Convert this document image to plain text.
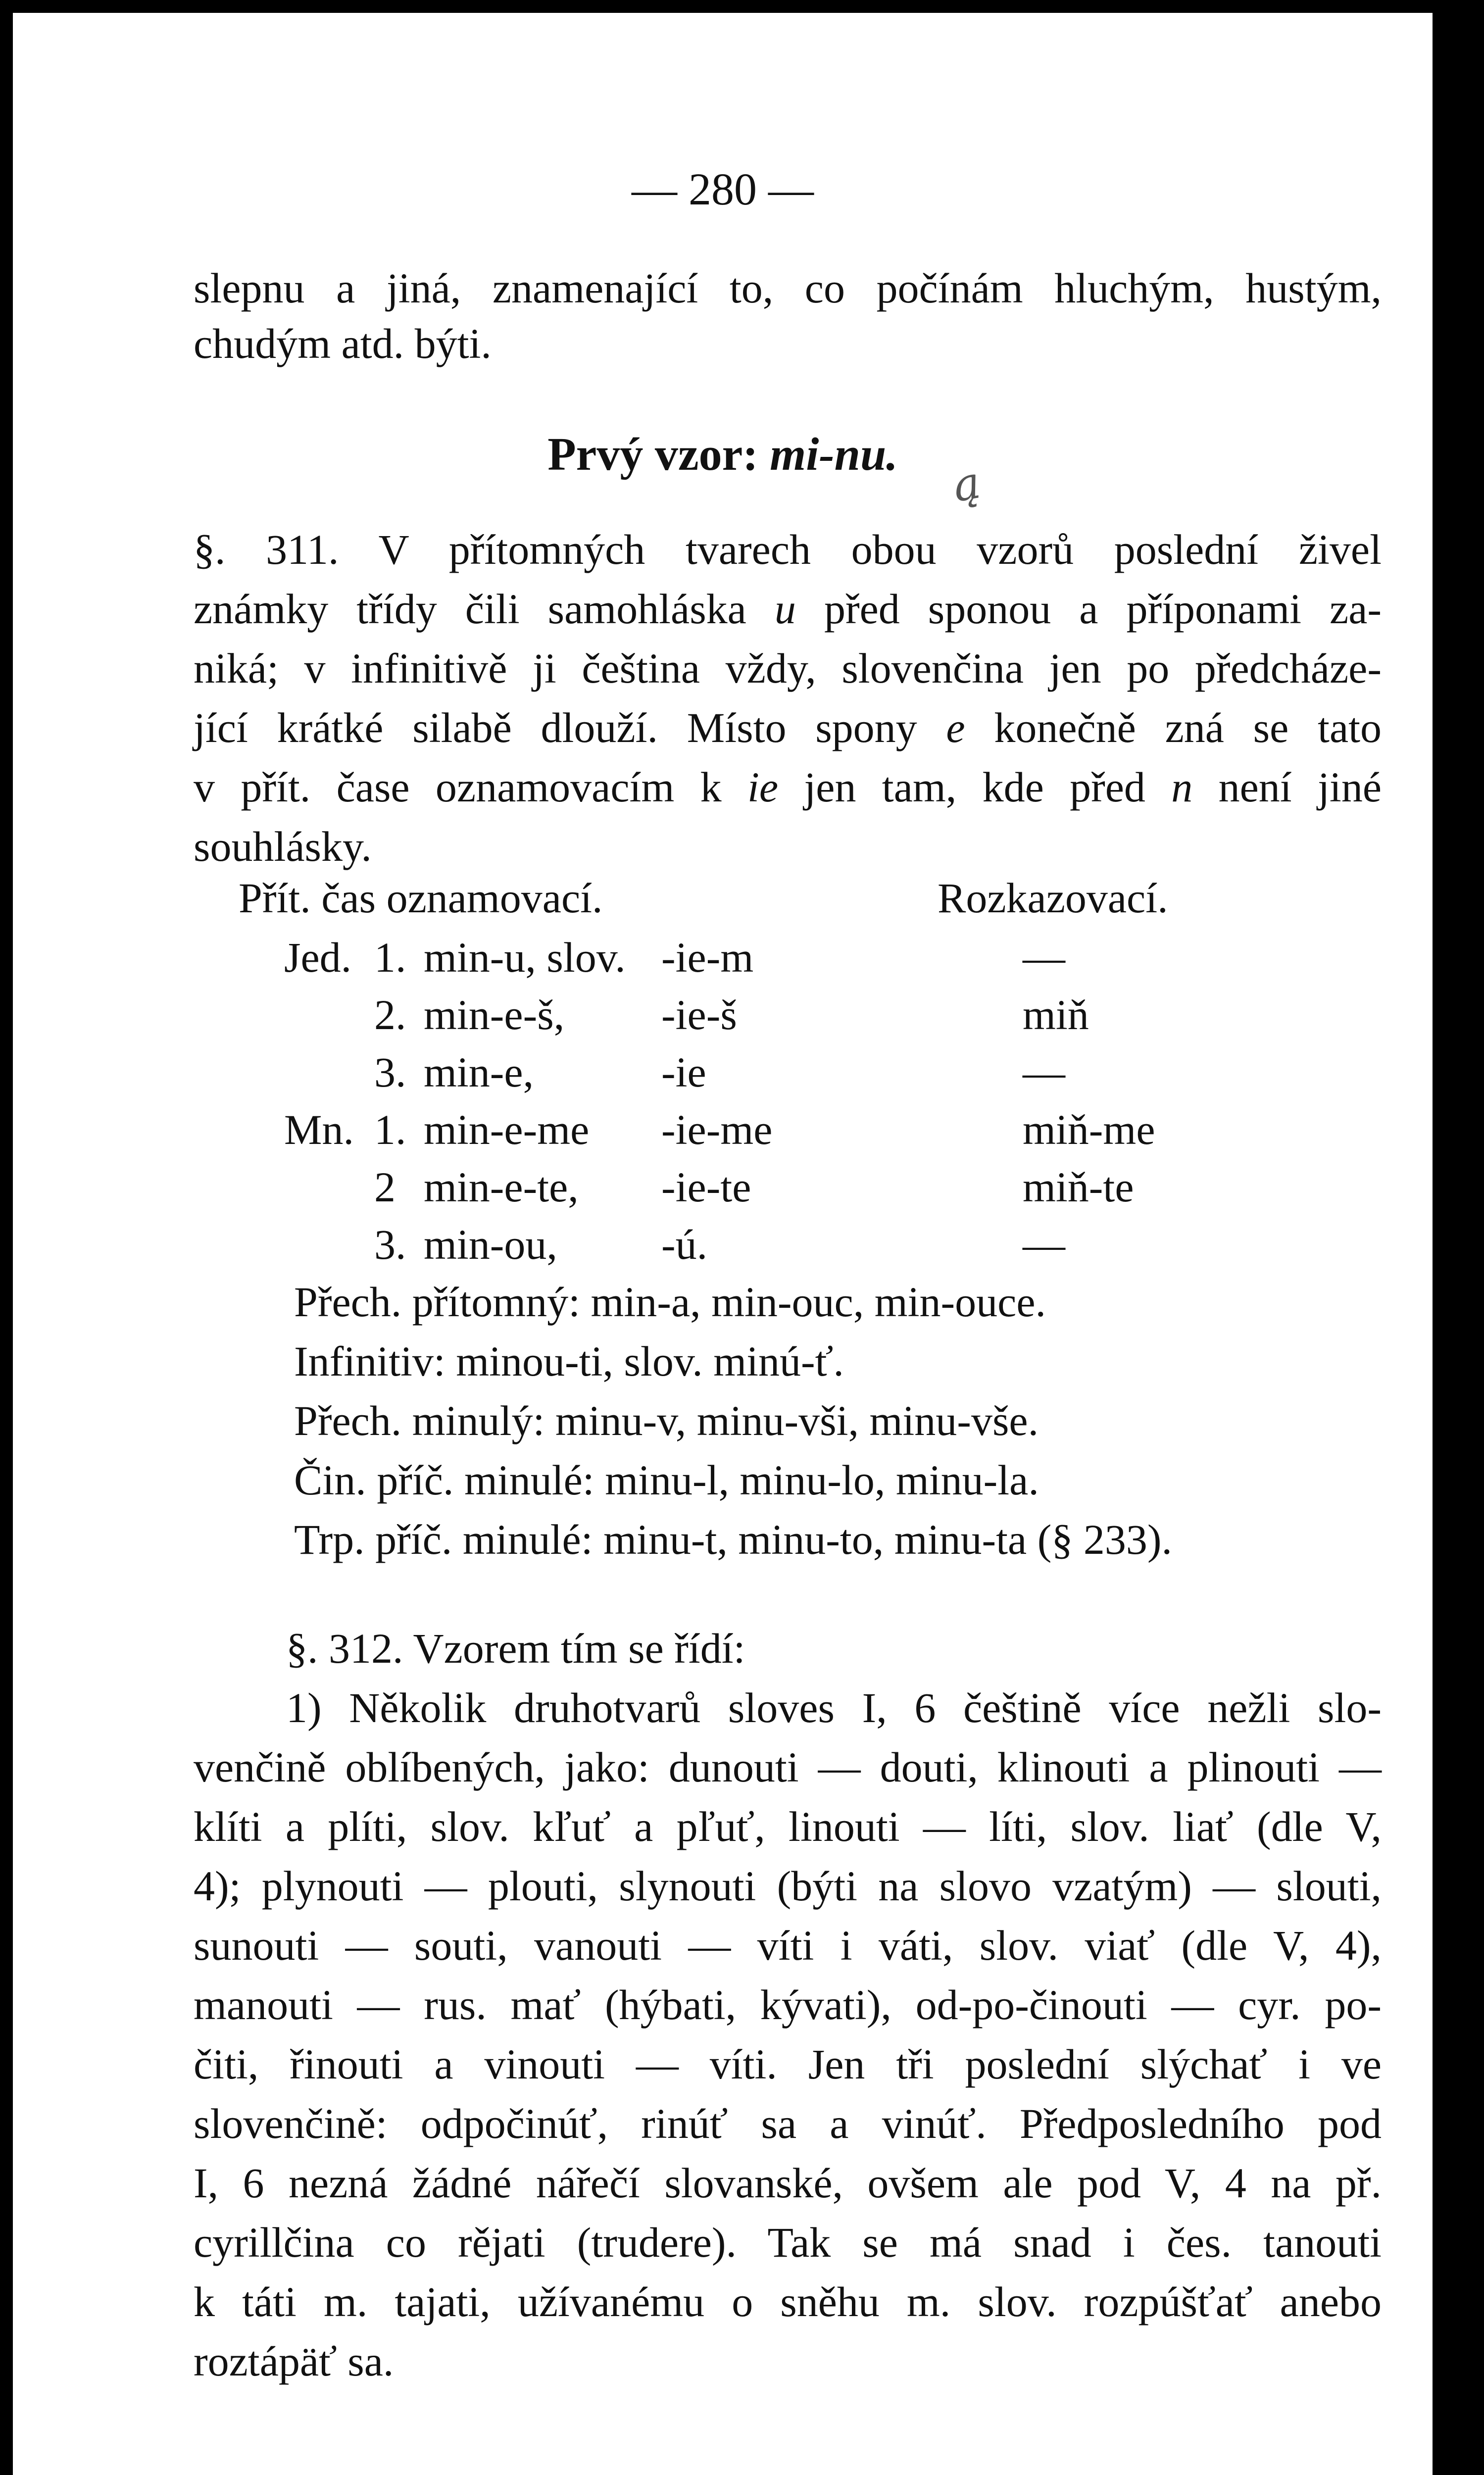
— 280 —
slepnu a jiná, znamenající to, co počínám hluchým, hustým,
chudým atd. býti.
Prvý vzor: mi-nu.
ą
§. 311. V přítomných tvarech obou vzorů poslední živel
známky třídy čili samohláska u před sponou a příponami za-
niká; v infinitivě ji čeština vždy, slovenčina jen po předcháze-
jící krátké silabě dlouží. Místo spony e konečně zná se tato
v přít. čase oznamovacím k ie jen tam, kde před n není jiné
souhlásky.
Přít. čas oznamovací.	Rozkazovací.
Jed. 1. min-u, slov. -ie-m	—
2. min-e-š, -ie-š	miň
3. min-e,	-ie	—
Mn. 1. min-e-me -ie-me	miň-me
2 min-e-te, -ie-te	miň-te
3. min-ou, -ú.	—
Přech. přítomný: min-a, min-ouc, min-ouce.
Infinitiv: minou-ti, slov. minú-ť.
Přech. minulý: minu-v, minu-vši, minu-vše.
Čin. příč. minulé: minu-l, minu-lo, minu-la.
Trp. příč. minulé: minu-t, minu-to, minu-ta (§ 233).
§. 312. Vzorem tím se řídí:
1) Několik druhotvarů sloves I, 6 češtině více nežli slo-
venčině oblíbených, jako: dunouti — douti, klinouti a plinouti —
klíti a plíti, slov. kľuť a pľuť, linouti — líti, slov. liať (dle V,
4); plynouti — plouti, slynouti (býti na slovo vzatým) — slouti,
sunouti — souti, vanouti — víti i váti, slov. viať (dle V, 4),
manouti — rus. mať (hýbati, kývati), od-po-činouti — cyr. po-
čiti, řinouti a vinouti — víti. Jen tři poslední slýchať i ve
slovenčině: odpočinúť, rinúť sa a vinúť. Předposledního pod
I, 6 nezná žádné nářečí slovanské, ovšem ale pod V, 4 na př.
cyrillčina co rějati (trudere). Tak se má snad i čes. tanouti
k táti m. tajati, užívanému o sněhu m. slov. rozpúšťať anebo
roztápäť sa.
